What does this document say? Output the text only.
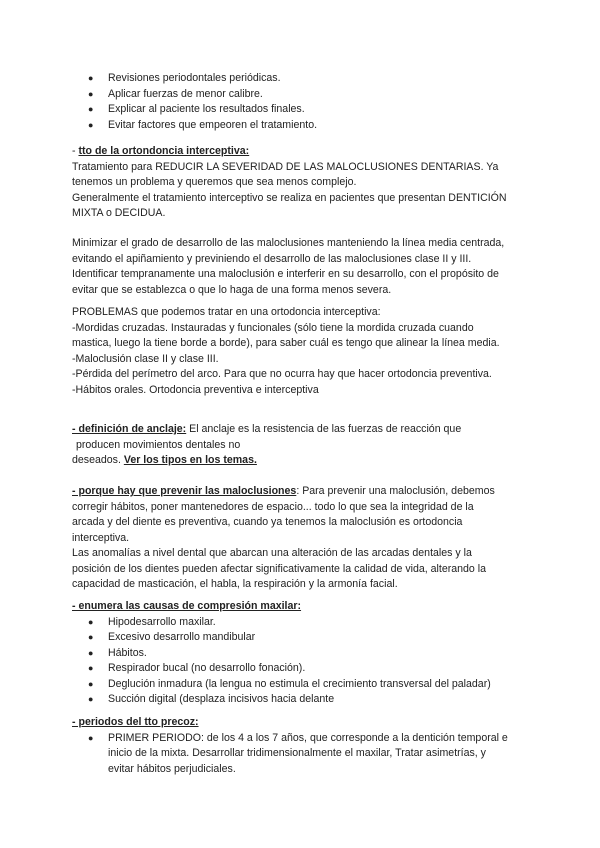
● Revisiones periodontales periódicas.
● Aplicar fuerzas de menor calibre.
● Explicar al paciente los resultados finales.
● Evitar factores que empeoren el tratamiento.
- tto de la ortondoncia interceptiva:
Tratamiento para REDUCIR LA SEVERIDAD DE LAS MALOCLUSIONES DENTARIAS. Ya
tenemos un problema y queremos que sea menos complejo.
Generalmente el tratamiento interceptivo se realiza en pacientes que presentan DENTICIÓN
MIXTA o DECIDUA.
Minimizar el grado de desarrollo de las maloclusiones manteniendo la línea media centrada,
evitando el apiñamiento y previniendo el desarrollo de las maloclusiones clase II y III.
Identificar tempranamente una maloclusión e interferir en su desarrollo, con el propósito de
evitar que se establezca o que lo haga de una forma menos severa.
PROBLEMAS que podemos tratar en una ortodoncia interceptiva:
-Mordidas cruzadas. Instauradas y funcionales (sólo tiene la mordida cruzada cuando
mastica, luego la tiene borde a borde), para saber cuál es tengo que alinear la línea media.
-Maloclusión clase II y clase III.
-Pérdida del perímetro del arco. Para que no ocurra hay que hacer ortodoncia preventiva.
-Hábitos orales. Ortodoncia preventiva e interceptiva
- definición de anclaje: El anclaje es la resistencia de las fuerzas de reacción que
producen movimientos dentales no
deseados. Ver los tipos en los temas.
- porque hay que prevenir las maloclusiones: Para prevenir una maloclusión, debemos
corregir hábitos, poner mantenedores de espacio... todo lo que sea la integridad de la
arcada y del diente es preventiva, cuando ya tenemos la maloclusión es ortodoncia
interceptiva.
Las anomalías a nivel dental que abarcan una alteración de las arcadas dentales y la
posición de los dientes pueden afectar significativamente la calidad de vida, alterando la
capacidad de masticación, el habla, la respiración y la armonía facial.
- enumera las causas de compresión maxilar:
● Hipodesarrollo maxilar.
● Excesivo desarrollo mandibular
● Hábitos.
● Respirador bucal (no desarrollo fonación).
● Deglución inmadura (la lengua no estimula el crecimiento transversal del paladar)
● Succión digital (desplaza incisivos hacia delante
- periodos del tto precoz:
● PRIMER PERIODO: de los 4 a los 7 años, que corresponde a la dentición temporal e
inicio de la mixta. Desarrollar tridimensionalmente el maxilar, Tratar asimetrías, y
evitar hábitos perjudiciales.
